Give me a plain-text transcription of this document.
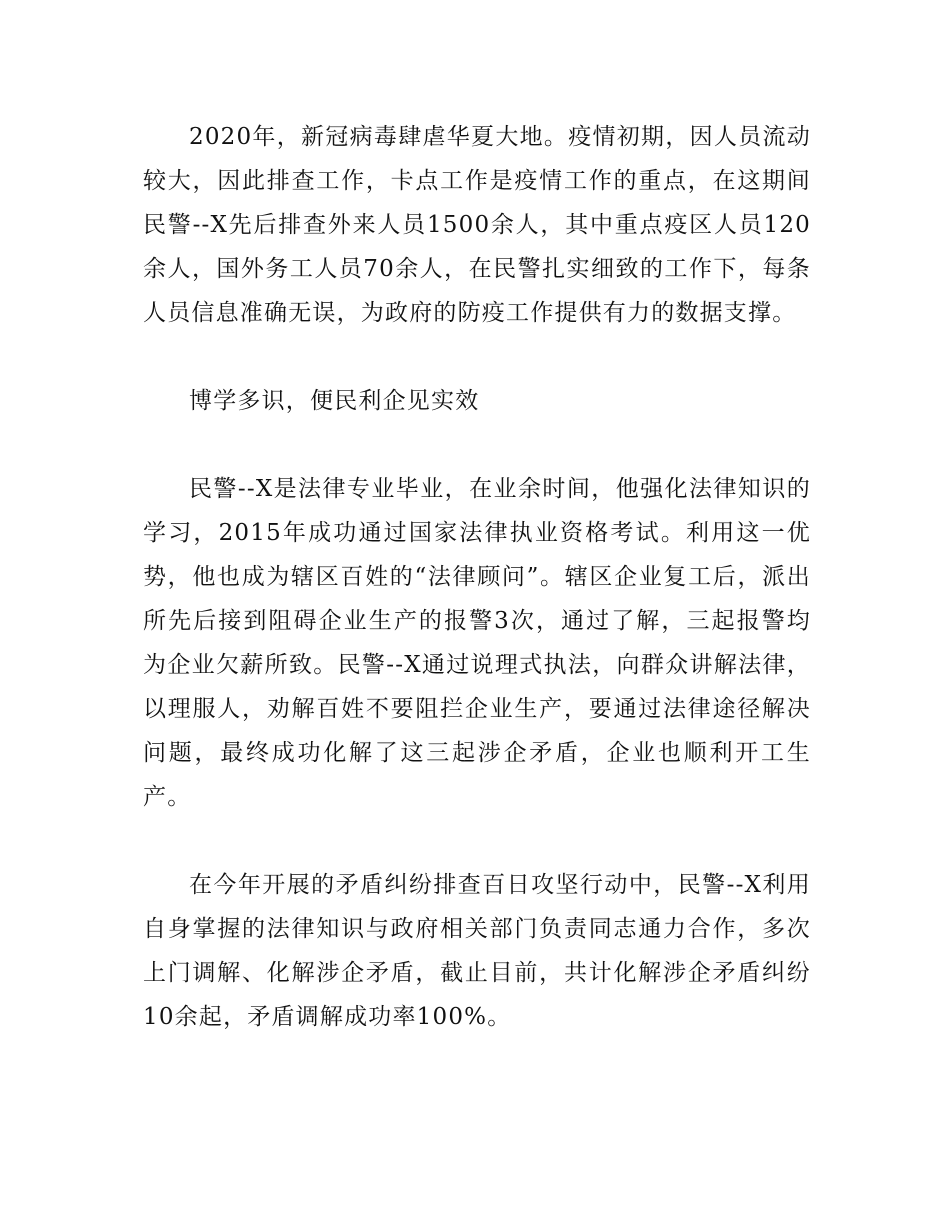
2020年，新冠病毒肆虐华夏大地。疫情初期，因人员流动较大，因此排查工作，卡点工作是疫情工作的重点，在这期间民警--X先后排查外来人员1500余人，其中重点疫区人员120余人，国外务工人员70余人，在民警扎实细致的工作下，每条人员信息准确无误，为政府的防疫工作提供有力的数据支撑。

博学多识，便民利企见实效

民警--X是法律专业毕业，在业余时间，他强化法律知识的学习，2015年成功通过国家法律执业资格考试。利用这一优势，他也成为辖区百姓的“法律顾问”。辖区企业复工后，派出所先后接到阻碍企业生产的报警3次，通过了解，三起报警均为企业欠薪所致。民警--X通过说理式执法，向群众讲解法律，以理服人，劝解百姓不要阻拦企业生产，要通过法律途径解决问题，最终成功化解了这三起涉企矛盾，企业也顺利开工生产。

在今年开展的矛盾纠纷排查百日攻坚行动中，民警--X利用自身掌握的法律知识与政府相关部门负责同志通力合作，多次上门调解、化解涉企矛盾，截止目前，共计化解涉企矛盾纠纷10余起，矛盾调解成功率100%。
